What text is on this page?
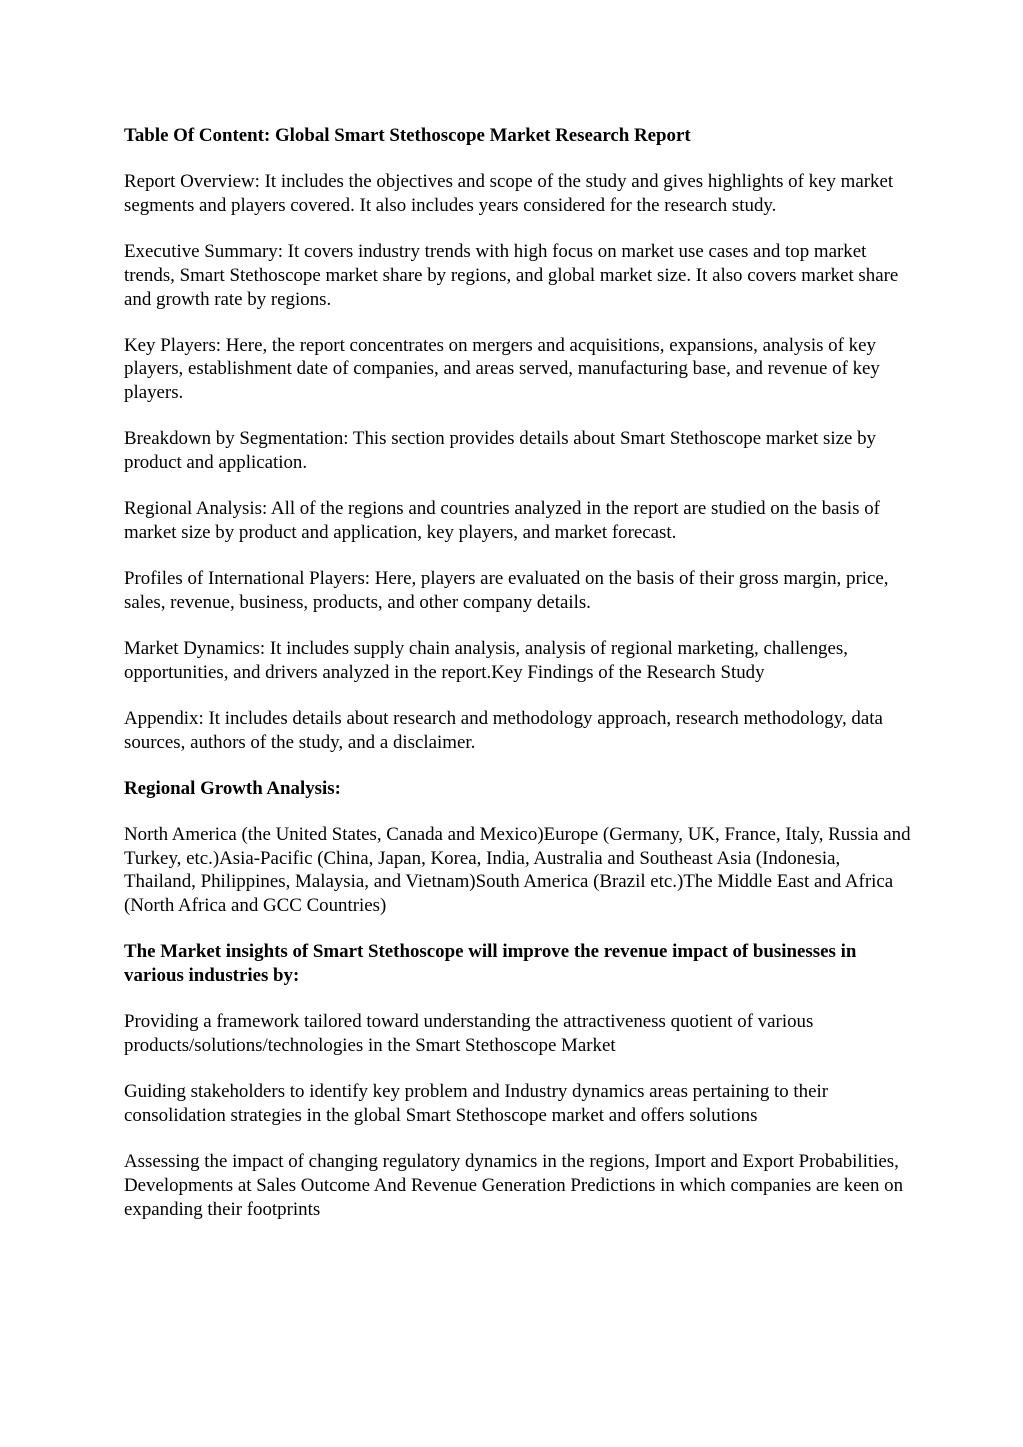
Table Of Content: Global Smart Stethoscope Market Research Report

Report Overview: It includes the objectives and scope of the study and gives highlights of key market segments and players covered. It also includes years considered for the research study.

Executive Summary: It covers industry trends with high focus on market use cases and top market trends, Smart Stethoscope market share by regions, and global market size. It also covers market share and growth rate by regions.

Key Players: Here, the report concentrates on mergers and acquisitions, expansions, analysis of key players, establishment date of companies, and areas served, manufacturing base, and revenue of key players.

Breakdown by Segmentation: This section provides details about Smart Stethoscope market size by product and application.

Regional Analysis: All of the regions and countries analyzed in the report are studied on the basis of market size by product and application, key players, and market forecast.

Profiles of International Players: Here, players are evaluated on the basis of their gross margin, price, sales, revenue, business, products, and other company details.

Market Dynamics: It includes supply chain analysis, analysis of regional marketing, challenges, opportunities, and drivers analyzed in the report.Key Findings of the Research Study

Appendix: It includes details about research and methodology approach, research methodology, data sources, authors of the study, and a disclaimer.

Regional Growth Analysis:

North America (the United States, Canada and Mexico)Europe (Germany, UK, France, Italy, Russia and Turkey, etc.)Asia-Pacific (China, Japan, Korea, India, Australia and Southeast Asia (Indonesia, Thailand, Philippines, Malaysia, and Vietnam)South America (Brazil etc.)The Middle East and Africa (North Africa and GCC Countries)

The Market insights of Smart Stethoscope will improve the revenue impact of businesses in various industries by:

Providing a framework tailored toward understanding the attractiveness quotient of various products/solutions/technologies in the Smart Stethoscope Market

Guiding stakeholders to identify key problem and Industry dynamics areas pertaining to their consolidation strategies in the global Smart Stethoscope market and offers solutions

Assessing the impact of changing regulatory dynamics in the regions, Import and Export Probabilities, Developments at Sales Outcome And Revenue Generation Predictions in which companies are keen on expanding their footprints
